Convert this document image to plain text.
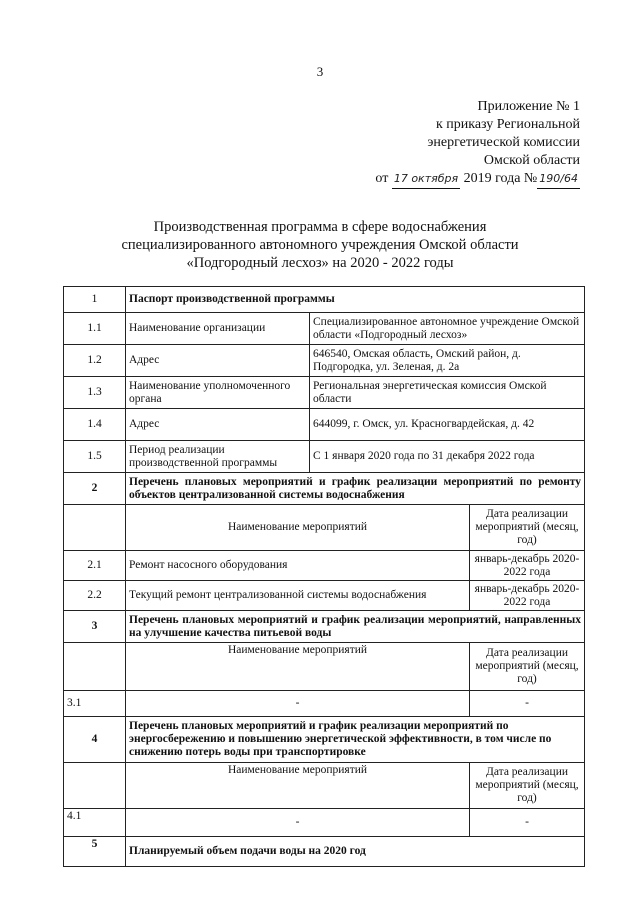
3
Приложение № 1
к приказу Региональной
энергетической комиссии
Омской области
от 17 октября 2019 года № 190/64
Производственная программа в сфере водоснабжения
специализированного автономного учреждения Омской области
«Подгородный лесхоз» на 2020 - 2022 годы
1	Паспорт производственной программы		
1.1	Наименование организации	Специализированное автономное учреждение Омской области «Подгородный лесхоз»	
1.2	Адрес	646540, Омская область, Омский район, д. Подгородка, ул. Зеленая, д. 2а	
1.3	Наименование уполномоченного органа	Региональная энергетическая комиссия Омской области	
1.4	Адрес	644099, г. Омск, ул. Красногвардейская, д. 42	
1.5	Период реализации производственной программы	С 1 января 2020 года по 31 декабря 2022 года	
2	Перечень плановых мероприятий и график реализации мероприятий по ремонту объектов централизованной системы водоснабжения		
	Наименование мероприятий		Дата реализации мероприятий (месяц, год)
2.1	Ремонт насосного оборудования		январь-декабрь 2020-2022 года
2.2	Текущий ремонт централизованной системы водоснабжения		январь-декабрь 2020-2022 года
3	Перечень плановых мероприятий и график реализации мероприятий, направленных на улучшение качества питьевой воды		
	Наименование мероприятий		Дата реализации мероприятий (месяц, год)
3.1	-		-
4	Перечень плановых мероприятий и график реализации мероприятий по энергосбережению и повышению энергетической эффективности, в том числе по снижению потерь воды при транспортировке		
	Наименование мероприятий		Дата реализации мероприятий (месяц, год)
4.1	-		-
5	Планируемый объем подачи воды на 2020 год		
